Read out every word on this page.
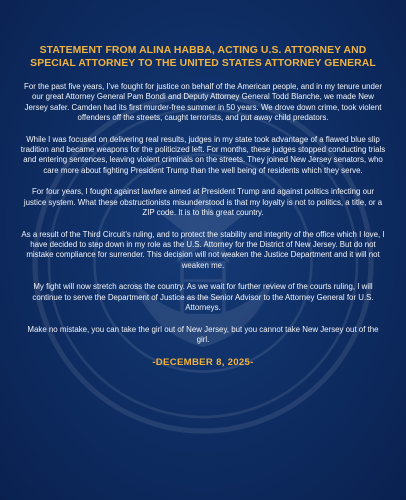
STATEMENT FROM ALINA HABBA, ACTING U.S. ATTORNEY AND SPECIAL ATTORNEY TO THE UNITED STATES ATTORNEY GENERAL

For the past five years, I’ve fought for justice on behalf of the American people, and in my tenure under our great Attorney General Pam Bondi and Deputy Attorney General Todd Blanche, we made New Jersey safer. Camden had its first murder-free summer in 50 years. We drove down crime, took violent offenders off the streets, caught terrorists, and put away child predators.

While I was focused on delivering real results, judges in my state took advantage of a flawed blue slip tradition and became weapons for the politicized left. For months, these judges stopped conducting trials and entering sentences, leaving violent criminals on the streets. They joined New Jersey senators, who care more about fighting President Trump than the well being of residents which they serve.

For four years, I fought against lawfare aimed at President Trump and against politics infecting our justice system. What these obstructionists misunderstood is that my loyalty is not to politics, a title, or a ZIP code. It is to this great country.

As a result of the Third Circuit’s ruling, and to protect the stability and integrity of the office which I love, I have decided to step down in my role as the U.S. Attorney for the District of New Jersey. But do not mistake compliance for surrender. This decision will not weaken the Justice Department and it will not weaken me.

My fight will now stretch across the country. As we wait for further review of the courts ruling, I will continue to serve the Department of Justice as the Senior Advisor to the Attorney General for U.S. Attorneys.

Make no mistake, you can take the girl out of New Jersey, but you cannot take New Jersey out of the girl.

-DECEMBER 8, 2025-
